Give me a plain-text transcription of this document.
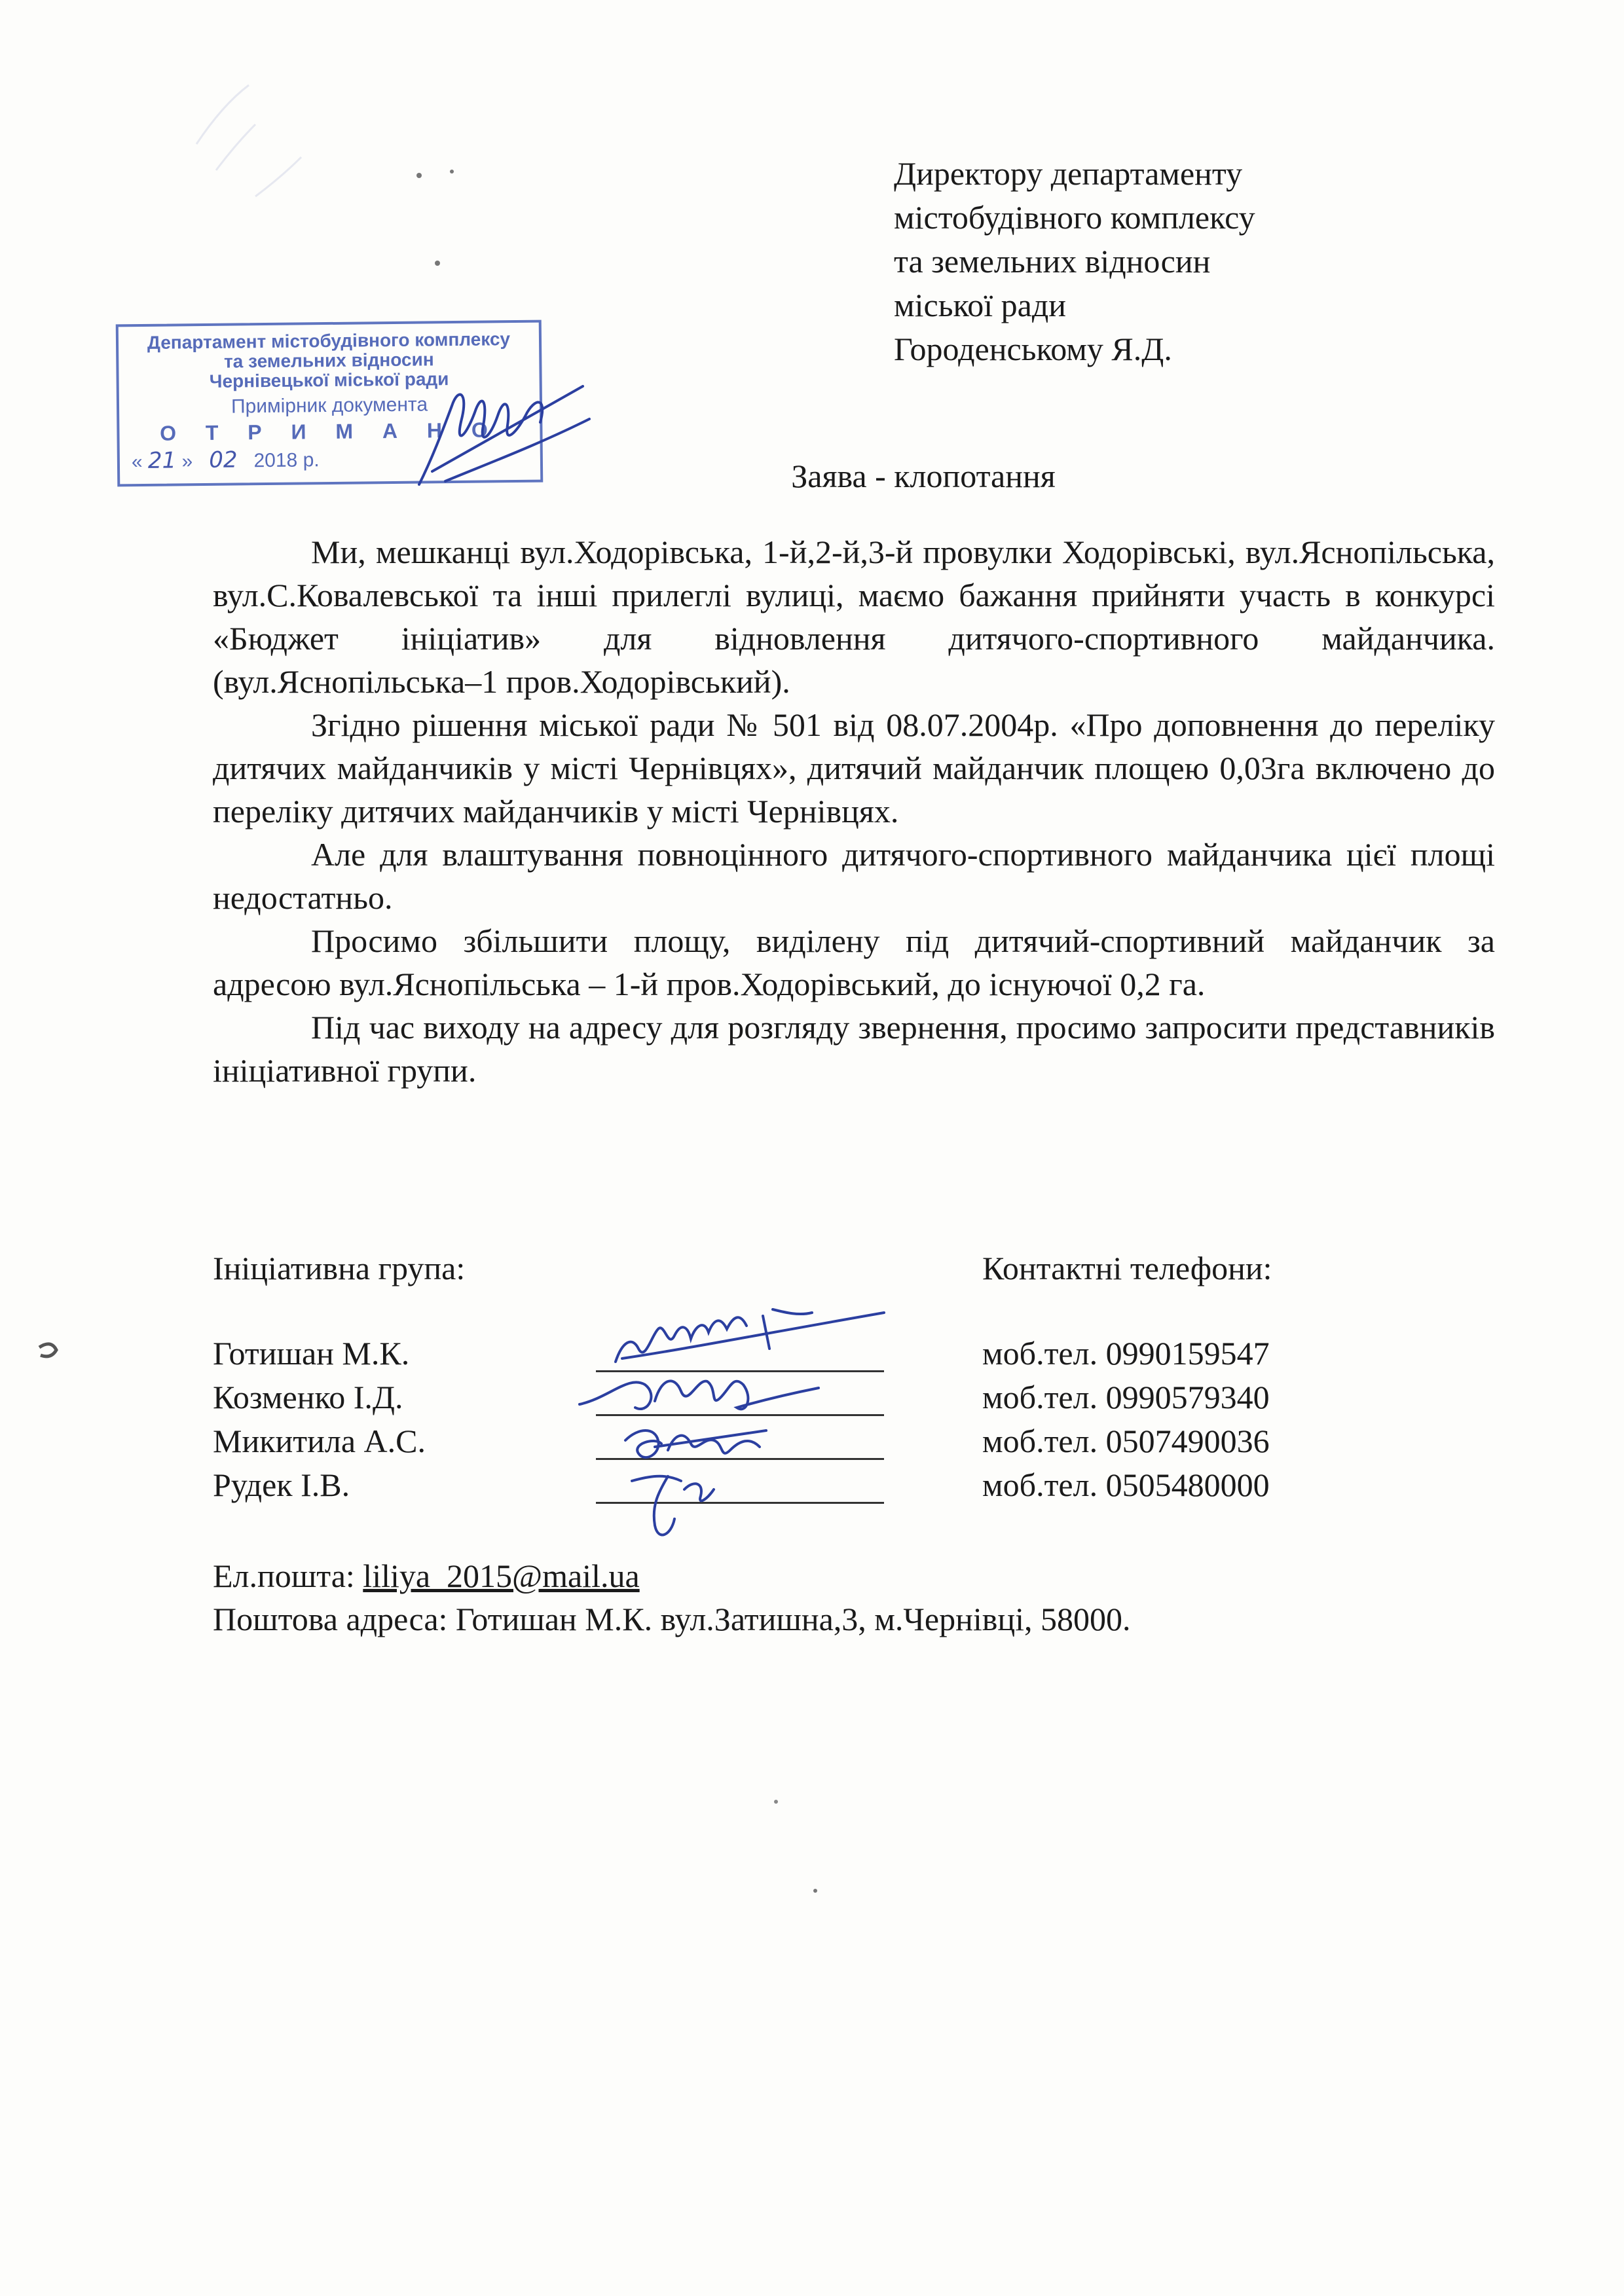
Директору департаменту
містобудівного комплексу
та земельних відносин
міської ради
Городенському Я.Д.
Департамент містобудівного комплексу
та земельних відносин
Чернівецької міської ради
Примірник документа
О Т Р И М А Н О
« 21 »   02 2018 р.	Заява - клопотання

Ми, мешканці вул.Ходорівська, 1-й,2-й,3-й провулки Ходорівські, вул.Яснопільська, вул.С.Ковалевської та інші прилеглі вулиці, маємо бажання прийняти участь в конкурсі «Бюджет ініціатив» для відновлення дитячого-спортивного майданчика. (вул.Яснопільська–1 пров.Ходорівський).

Згідно рішення міської ради № 501 від 08.07.2004р. «Про доповнення до переліку дитячих майданчиків у місті Чернівцях», дитячий майданчик площею 0,03га включено до переліку дитячих майданчиків у місті Чернівцях.

Але для влаштування повноцінного дитячого-спортивного майданчика цієї площі недостатньо.

Просимо збільшити площу, виділену під дитячий-спортивний майданчик за адресою вул.Яснопільська – 1-й пров.Ходорівський, до існуючої 0,2 га.

Під час виходу на адресу для розгляду звернення, просимо запросити представників ініціативної групи.

Ініціативна група:	Контактні телефони:
Готишан М.К.	моб.тел. 0990159547
Козменко І.Д.	моб.тел. 0990579340
Микитила А.С.	моб.тел. 0507490036
Рудек І.В.	моб.тел. 0505480000
Ел.пошта: liliya_2015@mail.ua
Поштова адреса: Готишан М.К. вул.Затишна,3, м.Чернівці, 58000.
